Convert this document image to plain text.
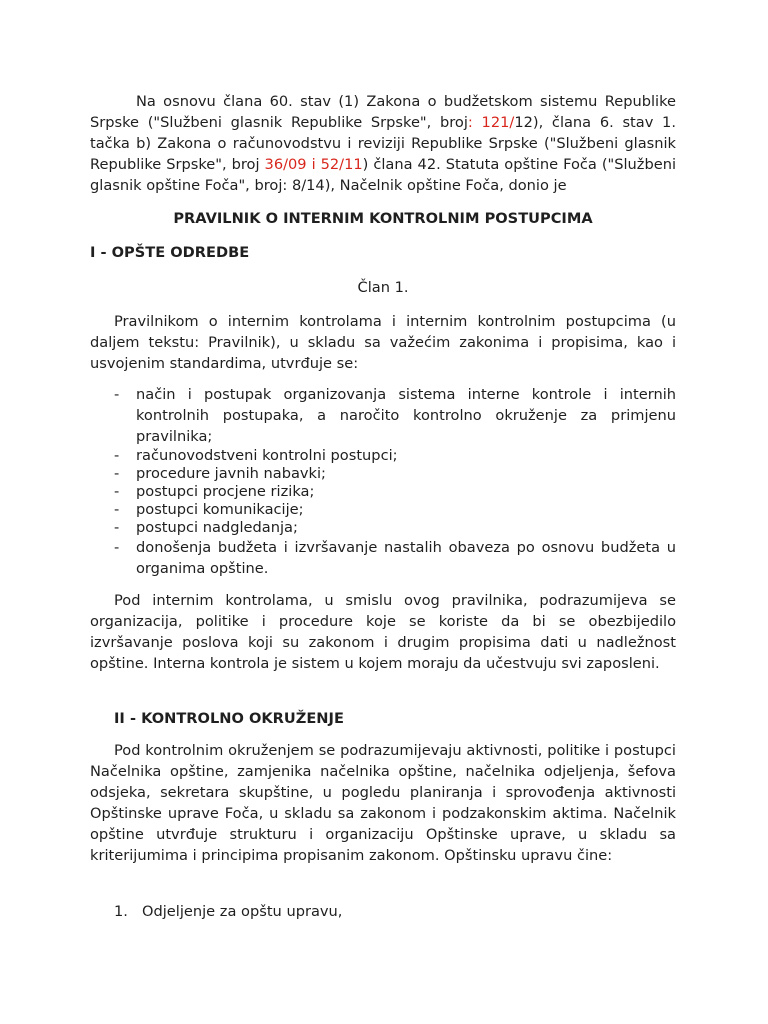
Na osnovu člana 60. stav (1) Zakona o budžetskom sistemu Republike Srpske ("Službeni glasnik Republike Srpske", broj: 121/12), člana 6. stav 1. tačka b) Zakona o računovodstvu i reviziji Republike Srpske ("Službeni glasnik Republike Srpske", broj 36/09 i 52/11) člana 42. Statuta opštine Foča ("Službeni glasnik opštine Foča", broj: 8/14), Načelnik opštine Foča, donio je
PRAVILNIK O INTERNIM KONTROLNIM POSTUPCIMA
I - OPŠTE ODREDBE
Član 1.
Pravilnikom o internim kontrolama i internim kontrolnim postupcima (u daljem tekstu: Pravilnik), u skladu sa važećim zakonima i propisima, kao i usvojenim standardima, utvrđuje se:
- način i postupak organizovanja sistema interne kontrole i internih kontrolnih postupaka, a naročito kontrolno okruženje za primjenu pravilnika;
- računovodstveni kontrolni postupci;
- procedure javnih nabavki;
- postupci procjene rizika;
- postupci komunikacije;
- postupci nadgledanja;
- donošenja budžeta i izvršavanje nastalih obaveza po osnovu budžeta u organima opštine.
Pod internim kontrolama, u smislu ovog pravilnika, podrazumijeva se organizacija, politike i procedure koje se koriste da bi se obezbijedilo izvršavanje poslova koji su zakonom i drugim propisima dati u nadležnost opštine. Interna kontrola je sistem u kojem moraju da učestvuju svi zaposleni.
II - KONTROLNO OKRUŽENJE
Pod kontrolnim okruženjem se podrazumijevaju aktivnosti, politike i postupci Načelnika opštine, zamjenika načelnika opštine, načelnika odjeljenja, šefova odsjeka, sekretara skupštine, u pogledu planiranja i sprovođenja aktivnosti Opštinske uprave Foča, u skladu sa zakonom i podzakonskim aktima. Načelnik opštine utvrđuje strukturu i organizaciju Opštinske uprave, u skladu sa kriterijumima i principima propisanim zakonom. Opštinsku upravu čine:
1. Odjeljenje za opštu upravu,
